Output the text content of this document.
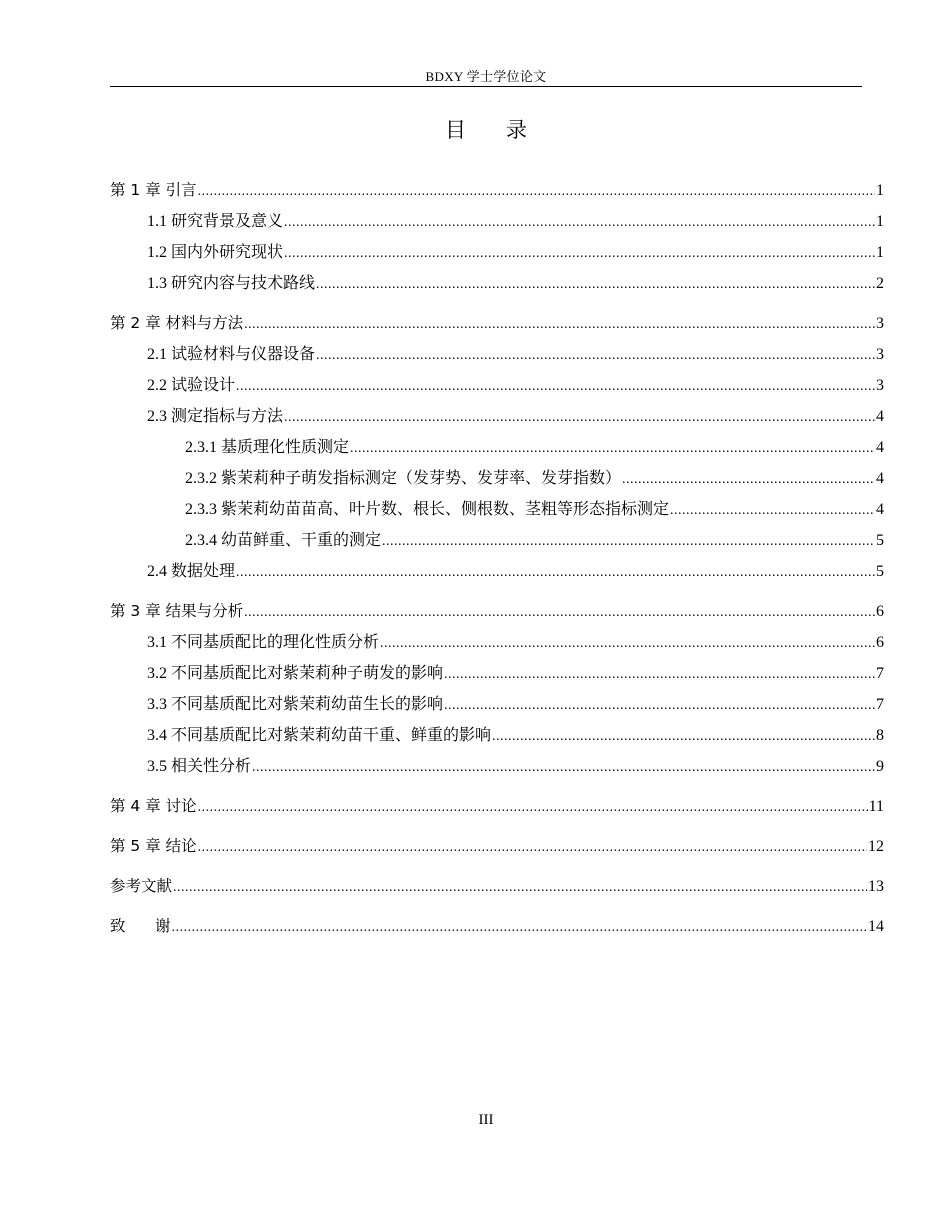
BDXY 学士学位论文
目录
第 1 章 引言 .....	1
1.1 研究背景及意义 .....	1
1.2 国内外研究现状 .....	1
1.3 研究内容与技术路线 .....	2
第 2 章 材料与方法 .....	3
2.1 试验材料与仪器设备 .....	3
2.2 试验设计 .....	3
2.3 测定指标与方法 .....	4
2.3.1 基质理化性质测定 .....	4
2.3.2 紫茉莉种子萌发指标测定（发芽势、发芽率、发芽指数） .....	4
2.3.3 紫茉莉幼苗苗高、叶片数、根长、侧根数、茎粗等形态指标测定 .....	4
2.3.4 幼苗鲜重、干重的测定 .....	5
2.4 数据处理 .....	5
第 3 章 结果与分析 .....	6
3.1 不同基质配比的理化性质分析 .....	6
3.2 不同基质配比对紫茉莉种子萌发的影响 .....	7
3.3 不同基质配比对紫茉莉幼苗生长的影响 .....	7
3.4 不同基质配比对紫茉莉幼苗干重、鲜重的影响 .....	8
3.5 相关性分析 .....	9
第 4 章 讨论 .....	11
第 5 章 结论 .....	12
参考文献 .....	13
致      谢 .....	14
III
